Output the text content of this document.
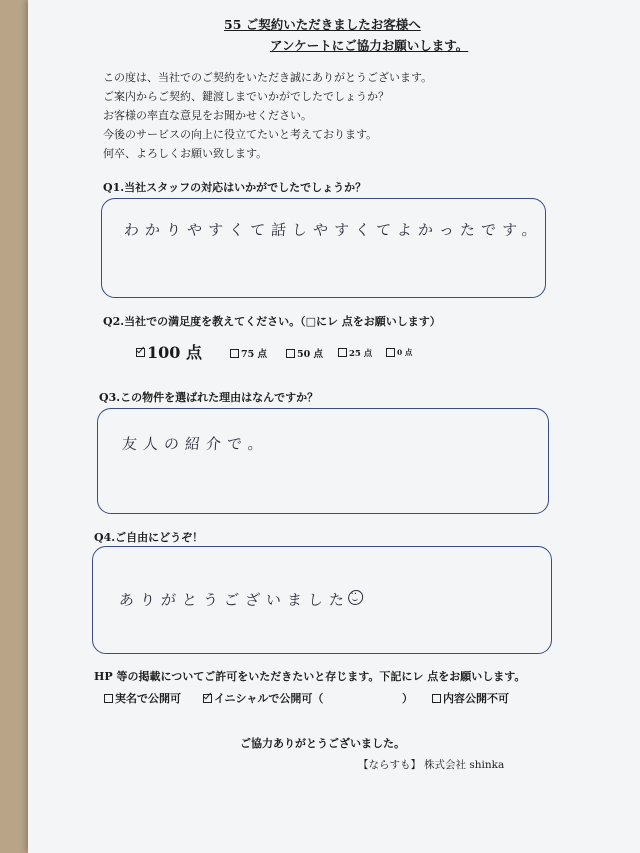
55 ご契約いただきましたお客様へ
アンケートにご協力お願いします。
この度は、当社でのご契約をいただき誠にありがとうございます。
ご案内からご契約、鍵渡しまでいかがでしたでしょうか？
お客様の率直な意見をお聞かせください。
今後のサービスの向上に役立てたいと考えております。
何卒、よろしくお願い致します。
Q1.当社スタッフの対応はいかがでしたでしょうか？
わかりやすくて話しやすくてよかったです。
Q2.当社での満足度を教えてください。（□にレ 点をお願いします）
100 点	75 点	50 点	25 点	0 点
Q3.この物件を選ばれた理由はなんですか？
友人の紹介で。
Q4.ご自由にどうぞ！
ありがとうございました‥
HP 等の掲載についてご許可をいただきたいと存じます。下記にレ 点をお願いします。
実名で公開可	イニシャルで公開可（	）	内容公開不可
ご協力ありがとうございました。
【ならすも】 株式会社 shinka
